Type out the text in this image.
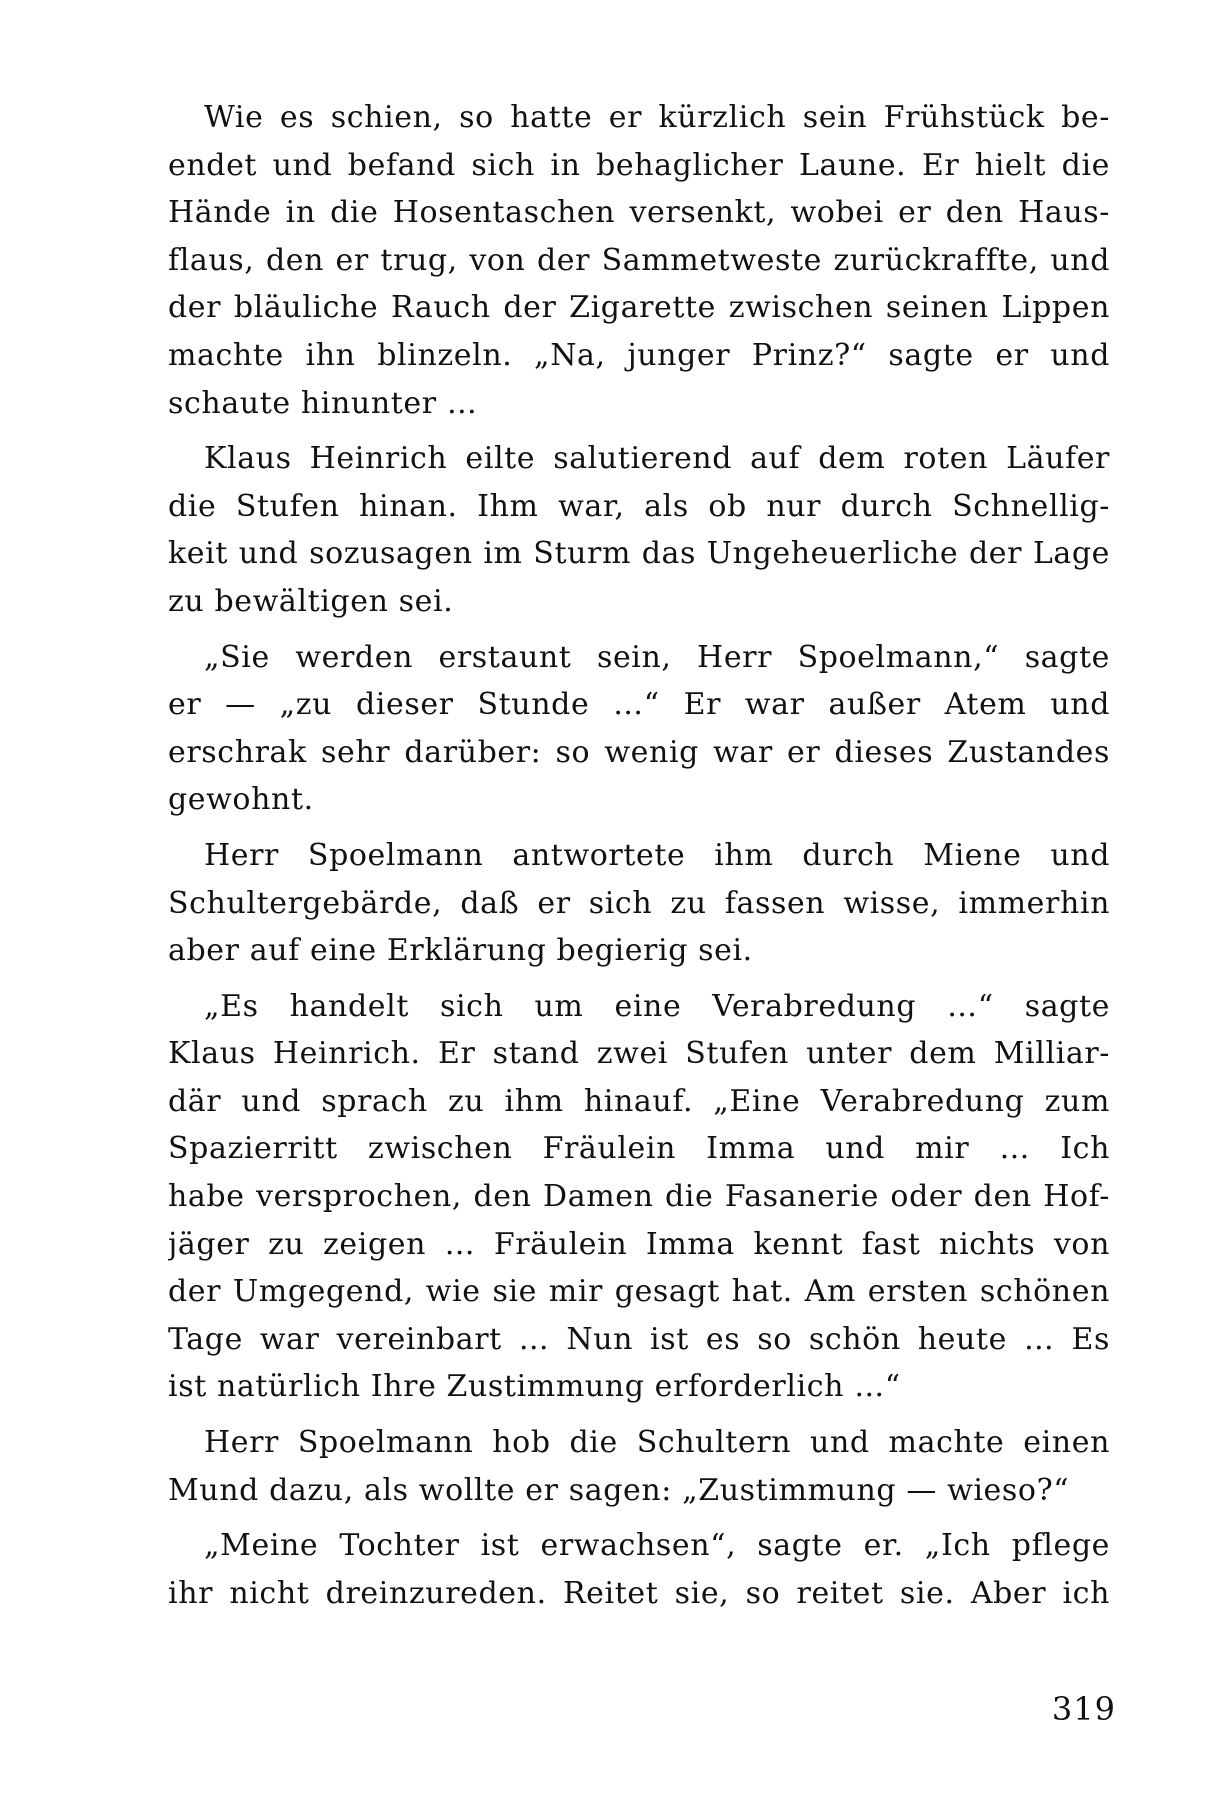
Wie es schien, so hatte er kürzlich sein Frühstück be-
endet und befand sich in behaglicher Laune. Er hielt die
Hände in die Hosentaschen versenkt, wobei er den Haus-
flaus, den er trug, von der Sammetweste zurückraffte, und
der bläuliche Rauch der Zigarette zwischen seinen Lippen
machte ihn blinzeln. „Na, junger Prinz?“ sagte er und
schaute hinunter …
Klaus Heinrich eilte salutierend auf dem roten Läufer
die Stufen hinan. Ihm war, als ob nur durch Schnellig-
keit und sozusagen im Sturm das Ungeheuerliche der Lage
zu bewältigen sei.
„Sie werden erstaunt sein, Herr Spoelmann,“ sagte
er — „zu dieser Stunde …“ Er war außer Atem und
erschrak sehr darüber: so wenig war er dieses Zustandes
gewohnt.
Herr Spoelmann antwortete ihm durch Miene und
Schultergebärde, daß er sich zu fassen wisse, immerhin
aber auf eine Erklärung begierig sei.
„Es handelt sich um eine Verabredung …“ sagte
Klaus Heinrich. Er stand zwei Stufen unter dem Milliar-
där und sprach zu ihm hinauf. „Eine Verabredung zum
Spazierritt zwischen Fräulein Imma und mir … Ich
habe versprochen, den Damen die Fasanerie oder den Hof-
jäger zu zeigen … Fräulein Imma kennt fast nichts von
der Umgegend, wie sie mir gesagt hat. Am ersten schönen
Tage war vereinbart … Nun ist es so schön heute … Es
ist natürlich Ihre Zustimmung erforderlich …“
Herr Spoelmann hob die Schultern und machte einen
Mund dazu, als wollte er sagen: „Zustimmung — wieso?“
„Meine Tochter ist erwachsen“, sagte er. „Ich pflege
ihr nicht dreinzureden. Reitet sie, so reitet sie. Aber ich
319
